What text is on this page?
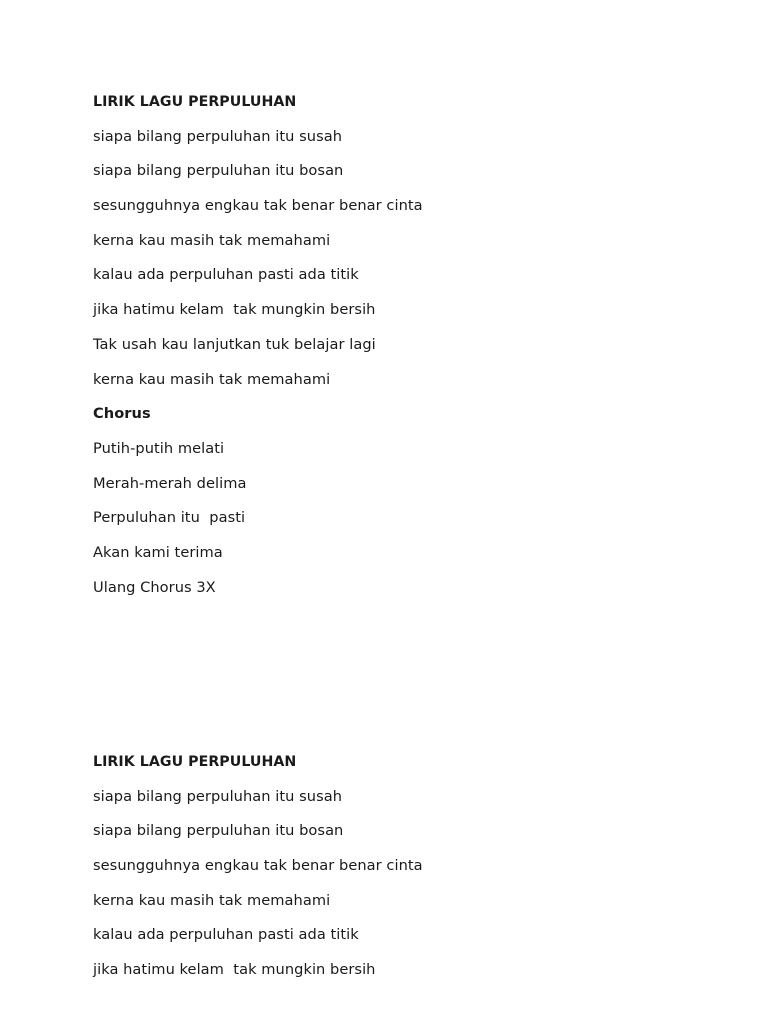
LIRIK LAGU PERPULUHAN
siapa bilang perpuluhan itu susah
siapa bilang perpuluhan itu bosan
sesungguhnya engkau tak benar benar cinta
kerna kau masih tak memahami
kalau ada perpuluhan pasti ada titik
jika hatimu kelam  tak mungkin bersih
Tak usah kau lanjutkan tuk belajar lagi
kerna kau masih tak memahami
Chorus
Putih-putih melati
Merah-merah delima
Perpuluhan itu  pasti
Akan kami terima
Ulang Chorus 3X
LIRIK LAGU PERPULUHAN
siapa bilang perpuluhan itu susah
siapa bilang perpuluhan itu bosan
sesungguhnya engkau tak benar benar cinta
kerna kau masih tak memahami
kalau ada perpuluhan pasti ada titik
jika hatimu kelam  tak mungkin bersih
